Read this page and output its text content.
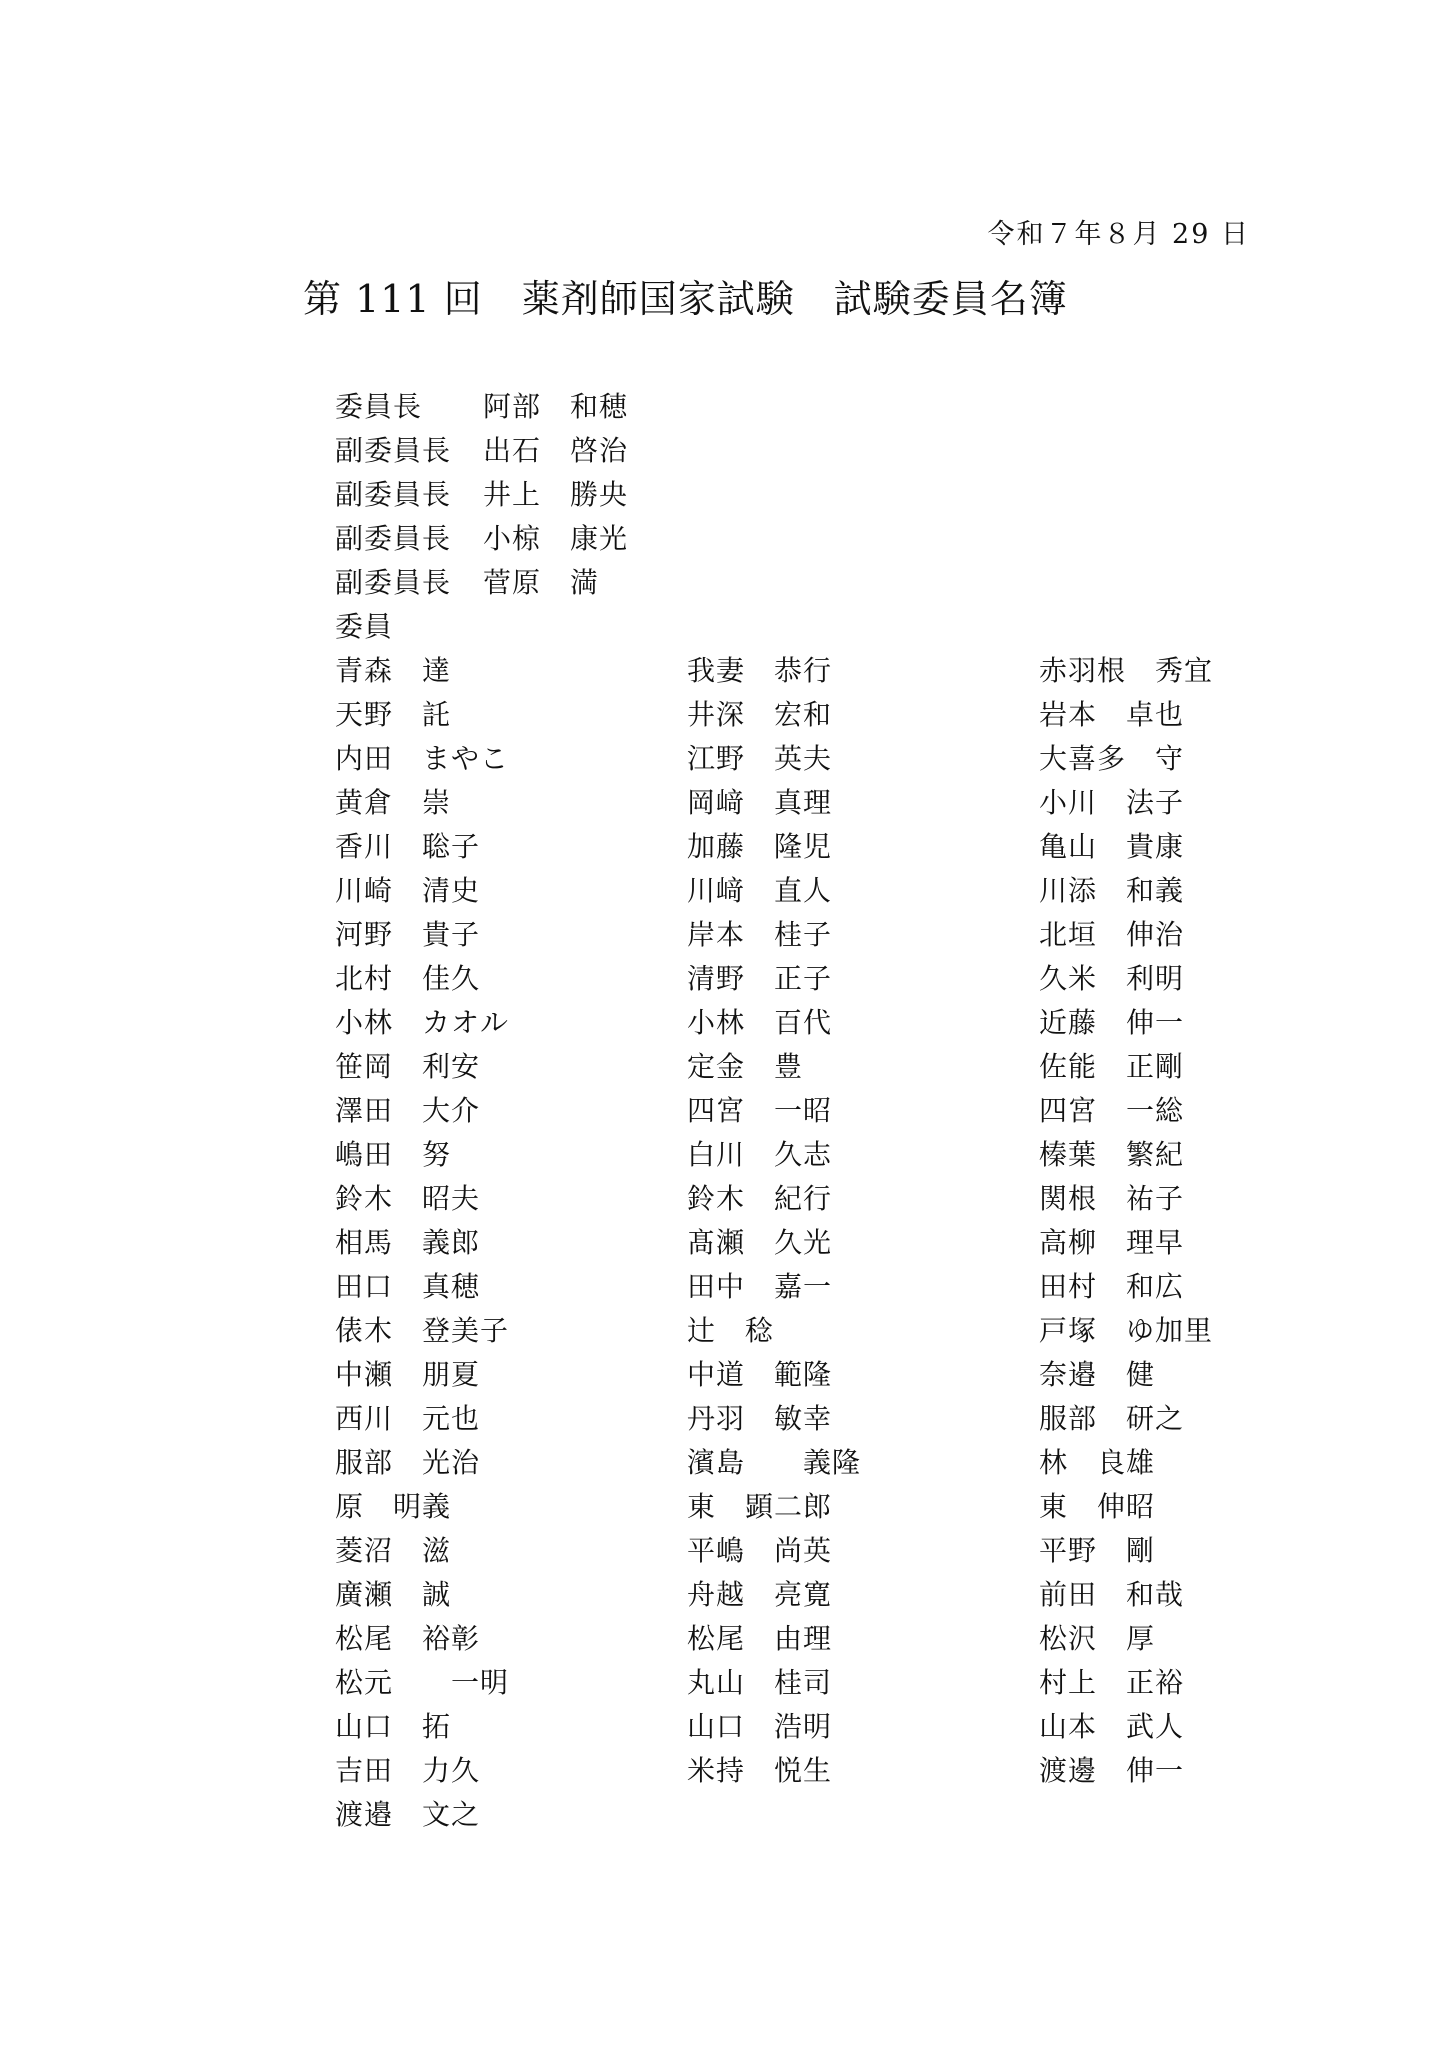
令和７年８月 29 日
第 111 回　薬剤師国家試験　試験委員名簿
委員長 阿部　和穂
副委員長 出石　啓治
副委員長 井上　勝央
副委員長 小椋　康光
副委員長 菅原　満
委員
青森　達	我妻　恭行	赤羽根　秀宜
天野　託	井深　宏和	岩本　卓也
内田　まやこ	江野　英夫	大喜多　守
黄倉　崇	岡﨑　真理	小川　法子
香川　聡子	加藤　隆児	亀山　貴康
川崎　清史	川﨑　直人	川添　和義
河野　貴子	岸本　桂子	北垣　伸治
北村　佳久	清野　正子	久米　利明
小林　カオル	小林　百代	近藤　伸一
笹岡　利安	定金　豊	佐能　正剛
澤田　大介	四宮　一昭	四宮　一総
嶋田　努	白川　久志	榛葉　繁紀
鈴木　昭夫	鈴木　紀行	関根　祐子
相馬　義郎	髙瀬　久光	高柳　理早
田口　真穂	田中　嘉一	田村　和広
俵木　登美子	辻　稔	戸塚　ゆ加里
中瀬　朋夏	中道　範隆	奈邉　健
西川　元也	丹羽　敏幸	服部　研之
服部　光治	濱島　　義隆	林　良雄
原　明義	東　顕二郎	東　伸昭
菱沼　滋	平嶋　尚英	平野　剛
廣瀬　誠	舟越　亮寛	前田　和哉
松尾　裕彰	松尾　由理	松沢　厚
松元　　一明	丸山　桂司	村上　正裕
山口　拓	山口　浩明	山本　武人
吉田　力久	米持　悦生	渡邊　伸一
渡邉　文之
